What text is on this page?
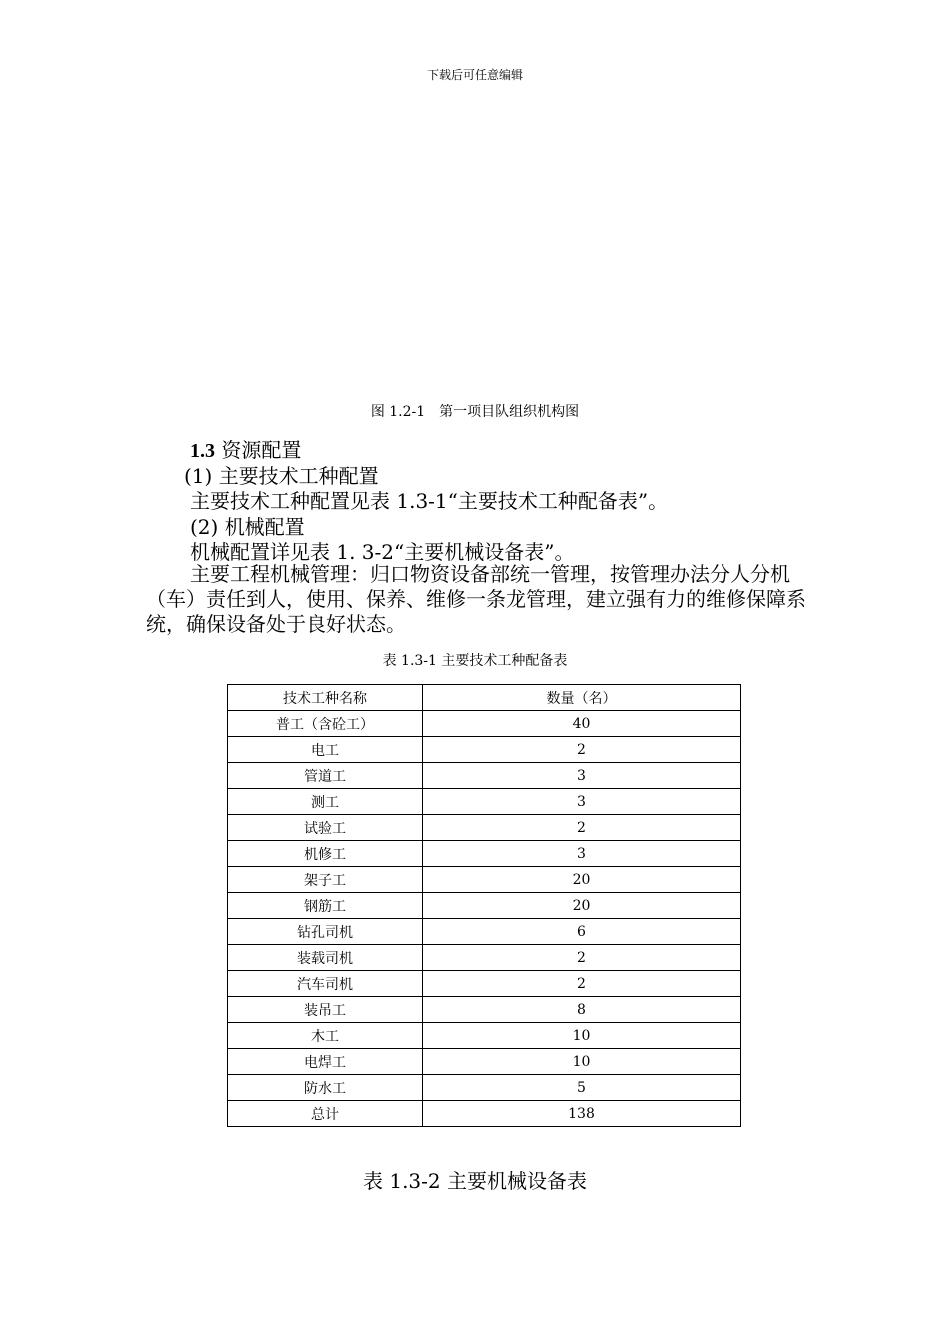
下载后可任意编辑
图 1.2-1　第一项目队组织机构图
1.3 资源配置
(1) 主要技术工种配置
主要技术工种配置见表 1.3-1“主要技术工种配备表”。
(2) 机械配置
机械配置详见表 1. 3-2“主要机械设备表”。
主要工程机械管理：归口物资设备部统一管理，按管理办法分人分机（车）责任到人，使用、保养、维修一条龙管理，建立强有力的维修保障系统，确保设备处于良好状态。
表 1.3-1 主要技术工种配备表
技术工种名称	数量（名）
普工（含砼工）	40
电工	2
管道工	3
测工	3
试验工	2
机修工	3
架子工	20
钢筋工	20
钻孔司机	6
装载司机	2
汽车司机	2
装吊工	8
木工	10
电焊工	10
防水工	5
总计	138
表 1.3-2 主要机械设备表
